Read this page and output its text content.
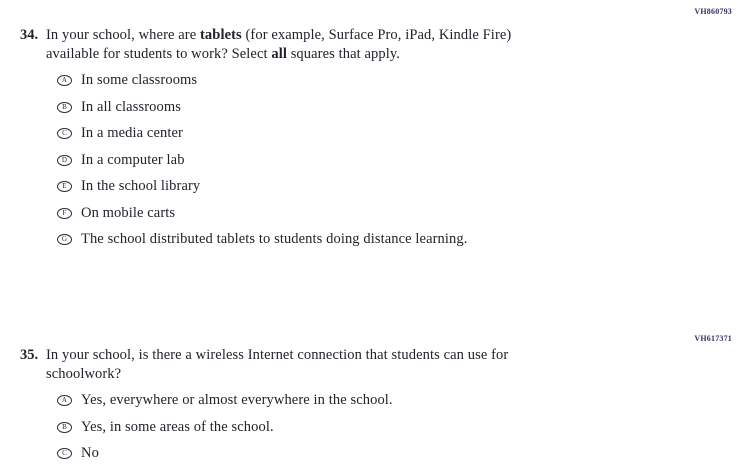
VH860793
34. In your school, where are tablets (for example, Surface Pro, iPad, Kindle Fire)
available for students to work? Select all squares that apply.

A In some classrooms
B In all classrooms
C In a media center
D In a computer lab
E In the school library
F	On mobile carts
G The school distributed tablets to students doing distance learning.
VH617371
35. In your school, is there a wireless Internet connection that students can use for
schoolwork?

A Yes, everywhere or almost everywhere in the school.
B Yes, in some areas of the school.
C No
